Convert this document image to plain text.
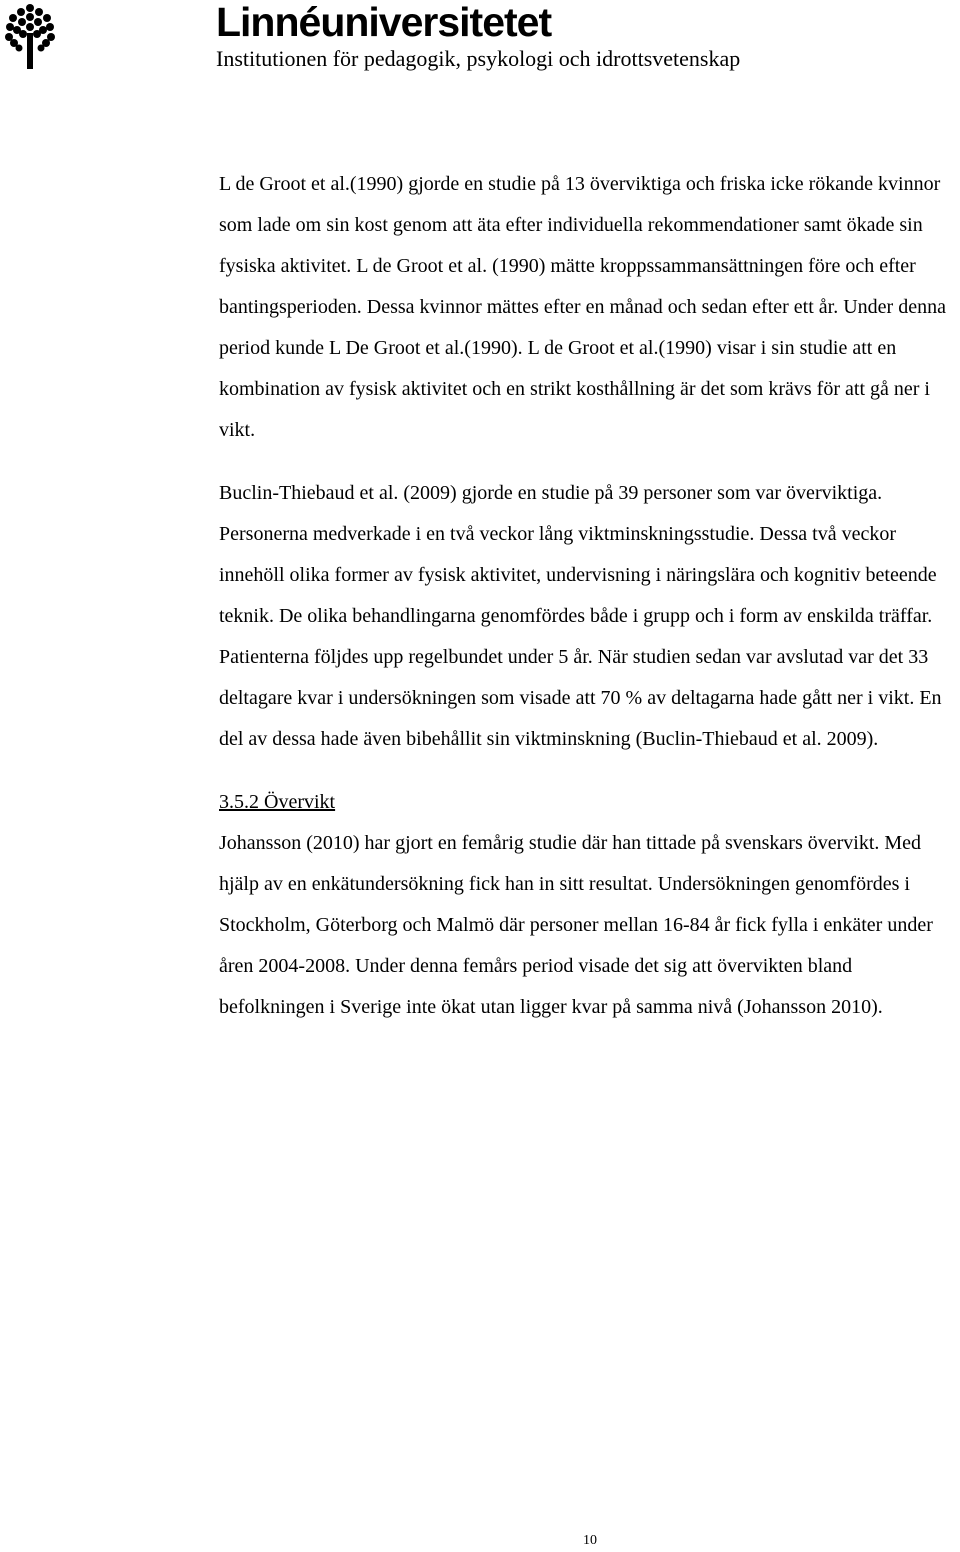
Linnéuniversitetet
Institutionen för pedagogik, psykologi och idrottsvetenskap

L de Groot et al.(1990) gjorde en studie på 13 överviktiga och friska icke rökande kvinnor som lade om sin kost genom att äta efter individuella rekommendationer samt ökade sin fysiska aktivitet. L de Groot et al. (1990) mätte kroppssammansättningen före och efter bantingsperioden. Dessa kvinnor mättes efter en månad och sedan efter ett år. Under denna period kunde L De Groot et al.(1990). L de Groot et al.(1990) visar i sin studie att en kombination av fysisk aktivitet och en strikt kosthållning är det som krävs för att gå ner i vikt.

Buclin-Thiebaud et al. (2009) gjorde en studie på 39 personer som var överviktiga. Personerna medverkade i en två veckor lång viktminskningsstudie. Dessa två veckor innehöll olika former av fysisk aktivitet, undervisning i näringslära och kognitiv beteende teknik. De olika behandlingarna genomfördes både i grupp och i form av enskilda träffar. Patienterna följdes upp regelbundet under 5 år. När studien sedan var avslutad var det 33 deltagare kvar i undersökningen som visade att 70 % av deltagarna hade gått ner i vikt. En del av dessa hade även bibehållit sin viktminskning (Buclin-Thiebaud et al. 2009).

3.5.2 Övervikt

Johansson (2010) har gjort en femårig studie där han tittade på svenskars övervikt. Med hjälp av en enkätundersökning fick han in sitt resultat. Undersökningen genomfördes i Stockholm, Göterborg och Malmö där personer mellan 16-84 år fick fylla i enkäter under åren 2004-2008. Under denna femårs period visade det sig att övervikten bland befolkningen i Sverige inte ökat utan ligger kvar på samma nivå (Johansson 2010).

10
